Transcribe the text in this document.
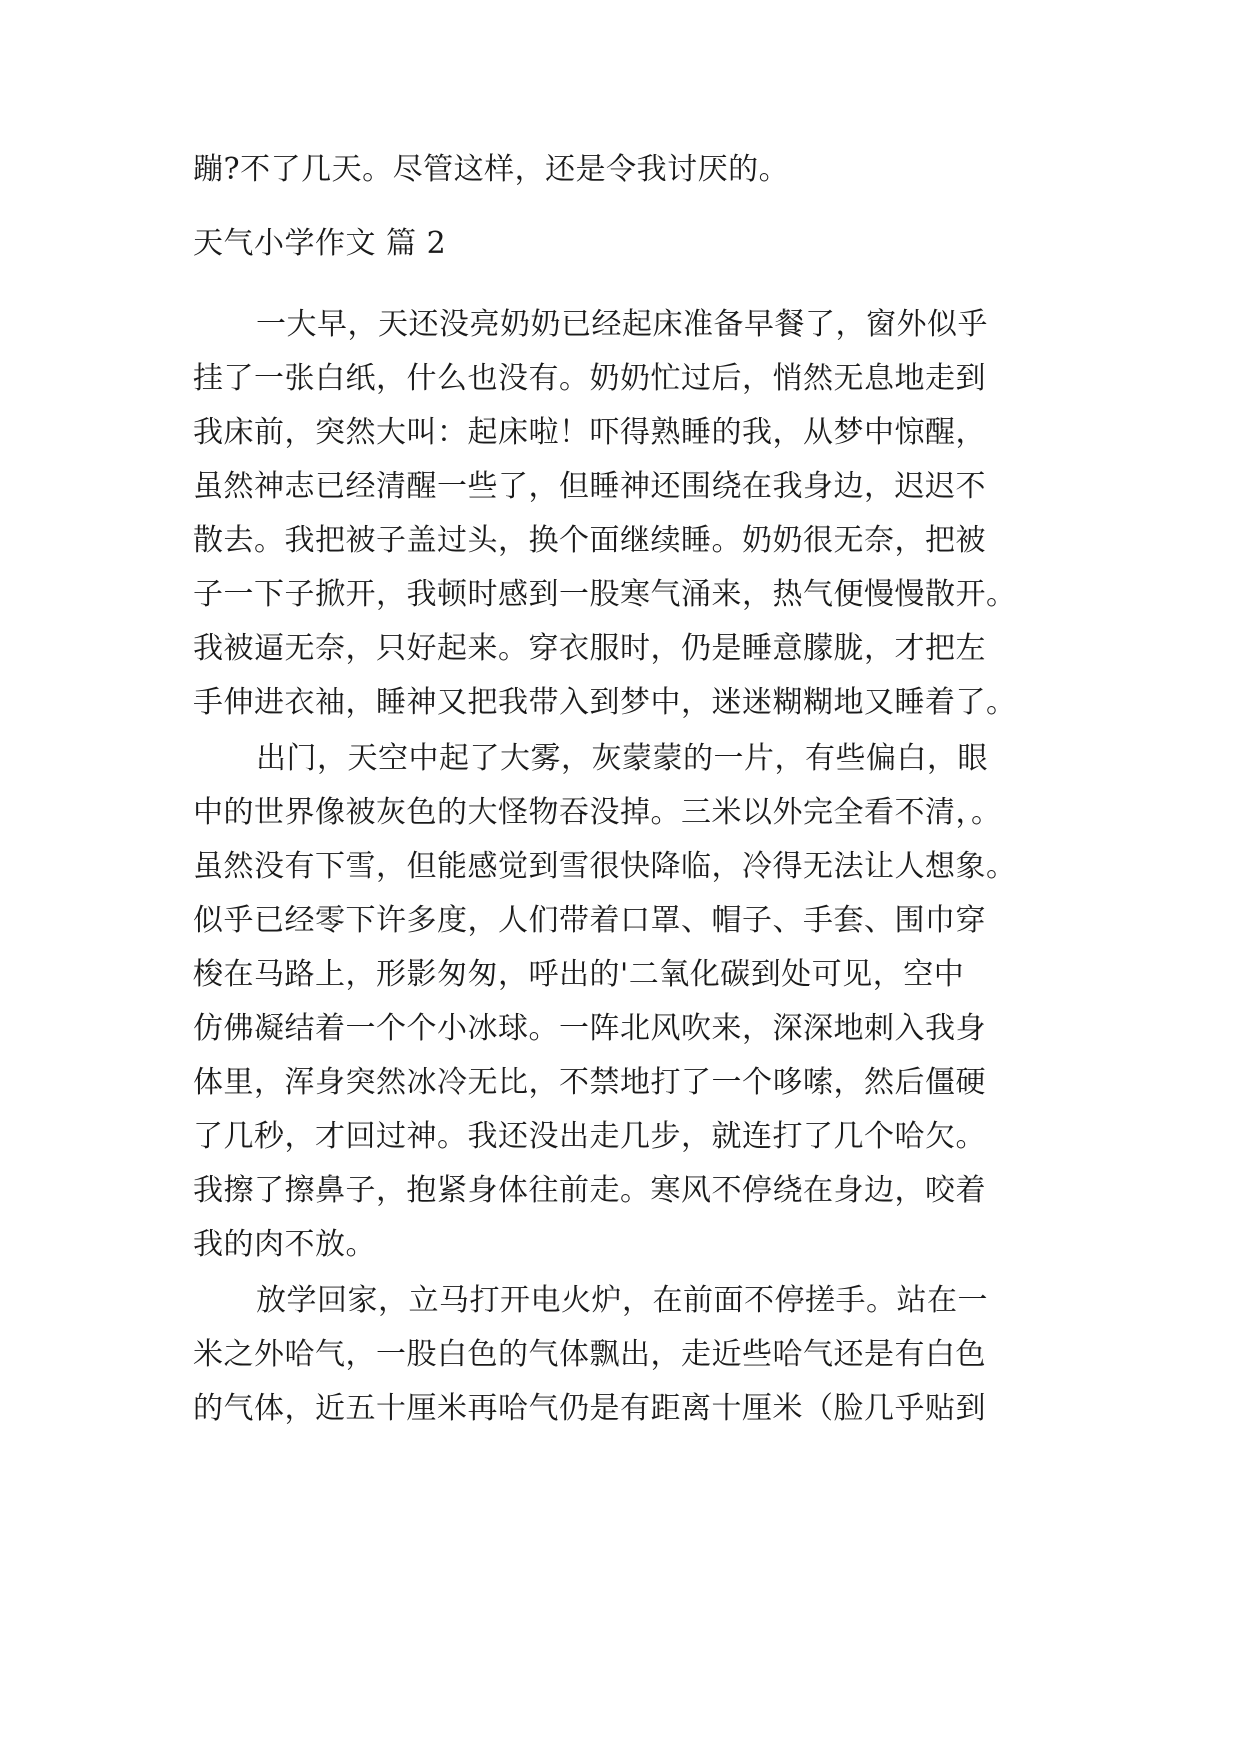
蹦?不了几天。尽管这样，还是令我讨厌的。
天气小学作文 篇 2
一大早，天还没亮奶奶已经起床准备早餐了，窗外似乎
挂了一张白纸，什么也没有。奶奶忙过后，悄然无息地走到
我床前，突然大叫：起床啦！吓得熟睡的我，从梦中惊醒，
虽然神志已经清醒一些了，但睡神还围绕在我身边，迟迟不
散去。我把被子盖过头，换个面继续睡。奶奶很无奈，把被
子一下子掀开，我顿时感到一股寒气涌来，热气便慢慢散开。
我被逼无奈，只好起来。穿衣服时，仍是睡意朦胧，才把左
手伸进衣袖，睡神又把我带入到梦中，迷迷糊糊地又睡着了。
出门，天空中起了大雾，灰蒙蒙的一片，有些偏白，眼
中的世界像被灰色的大怪物吞没掉。三米以外完全看不清，。
虽然没有下雪，但能感觉到雪很快降临，冷得无法让人想象。
似乎已经零下许多度，人们带着口罩、帽子、手套、围巾穿
梭在马路上，形影匆匆，呼出的'二氧化碳到处可见，空中
仿佛凝结着一个个小冰球。一阵北风吹来，深深地刺入我身
体里，浑身突然冰冷无比，不禁地打了一个哆嗦，然后僵硬
了几秒，才回过神。我还没出走几步，就连打了几个哈欠。
我擦了擦鼻子，抱紧身体往前走。寒风不停绕在身边，咬着
我的肉不放。
放学回家，立马打开电火炉，在前面不停搓手。站在一
米之外哈气，一股白色的气体飘出，走近些哈气还是有白色
的气体，近五十厘米再哈气仍是有距离十厘米（脸几乎贴到
